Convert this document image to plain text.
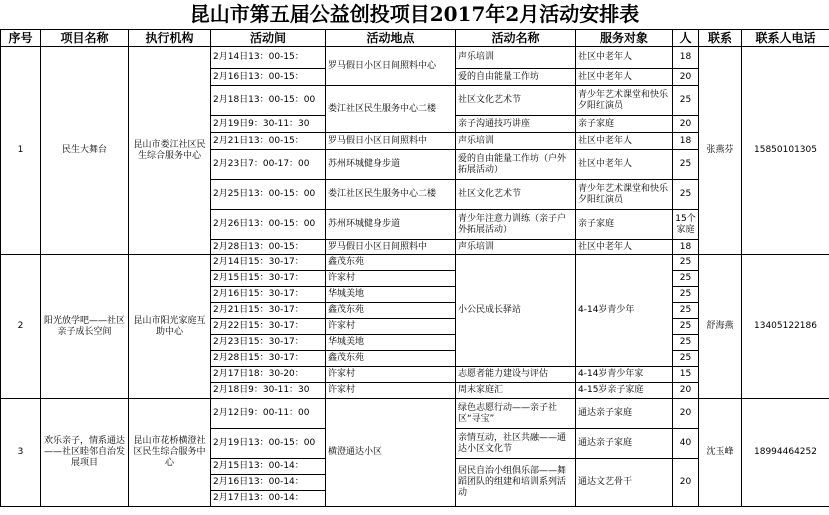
昆山市第五届公益创投项目2017年2月活动安排表
序号	项目名称	执行机构	活动间	活动地点	活动名称	服务对象	人	联系	联系人电话
1	民生大舞台	昆山市娄江社区民生综合服务中心	2月14日13：00-15：	罗马假日小区日间照料中心	声乐培训	社区中老年人	18	张燕芬	15850101305
			2月16日13：00-15：		爱的自由能量工作坊	社区中老年人	20		
			2月18日13：00-15：00	娄江社区民生服务中心二楼	社区文化艺术节	青少年艺术课堂和快乐夕阳红演员	25		
			2月19日9：30-11：30		亲子沟通技巧讲座	亲子家庭	20		
			2月21日13：00-15：	罗马假日小区日间照料中	声乐培训	社区中老年人	18		
			2月23日7：00-17：00	苏州环城健身步道	爱的自由能量工作坊（户外拓展活动）	社区中老年人	25		
			2月25日13：00-15：00	娄江社区民生服务中心二楼	社区文化艺术节	青少年艺术课堂和快乐夕阳红演员	25		
			2月26日13：00-15：00	苏州环城健身步道	青少年注意力训练（亲子户外拓展活动）	亲子家庭	15个家庭		
			2月28日13：00-15：	罗马假日小区日间照料中	声乐培训	社区中老年人	18		
2	阳光放学吧——社区亲子成长空间	昆山市阳光家庭互助中心	2月14日15：30-17：	鑫茂东苑	小公民成长驿站	4-14岁青少年	25	舒海燕	13405122186
			2月15日15：30-17：	许家村			25		
			2月16日15：30-17：	华城美地			25		
			2月21日15：30-17：	鑫茂东苑			25		
			2月22日15：30-17：	许家村			25		
			2月23日15：30-17：	华城美地			25		
			2月28日15：30-17：	鑫茂东苑			25		
			2月17日18：30-20：	许家村	志愿者能力建设与评估	4-14岁青少年家	15		
			2月18日9：30-11：30	许家村	周末家庭汇	4-15岁亲子家庭	20		
3	欢乐亲子，情系通达——社区睦邻自治发展项目	昆山市花桥横澄社区民生综合服务中心	2月12日9：00-11：00	横澄通达小区	绿色志愿行动——亲子社区“寻宝”	通达亲子家庭	20	沈玉峰	18994464252
			2月19日13：00-15：00		亲情互动，社区共融——通达小区文化节	通达亲子家庭	40		
			2月15日13：00-14：		居民自治小组俱乐部——舞蹈团队的组建和培训系列活动	通达文艺骨干	20		
			2月16日13：00-14：						
			2月17日13：00-14：						
